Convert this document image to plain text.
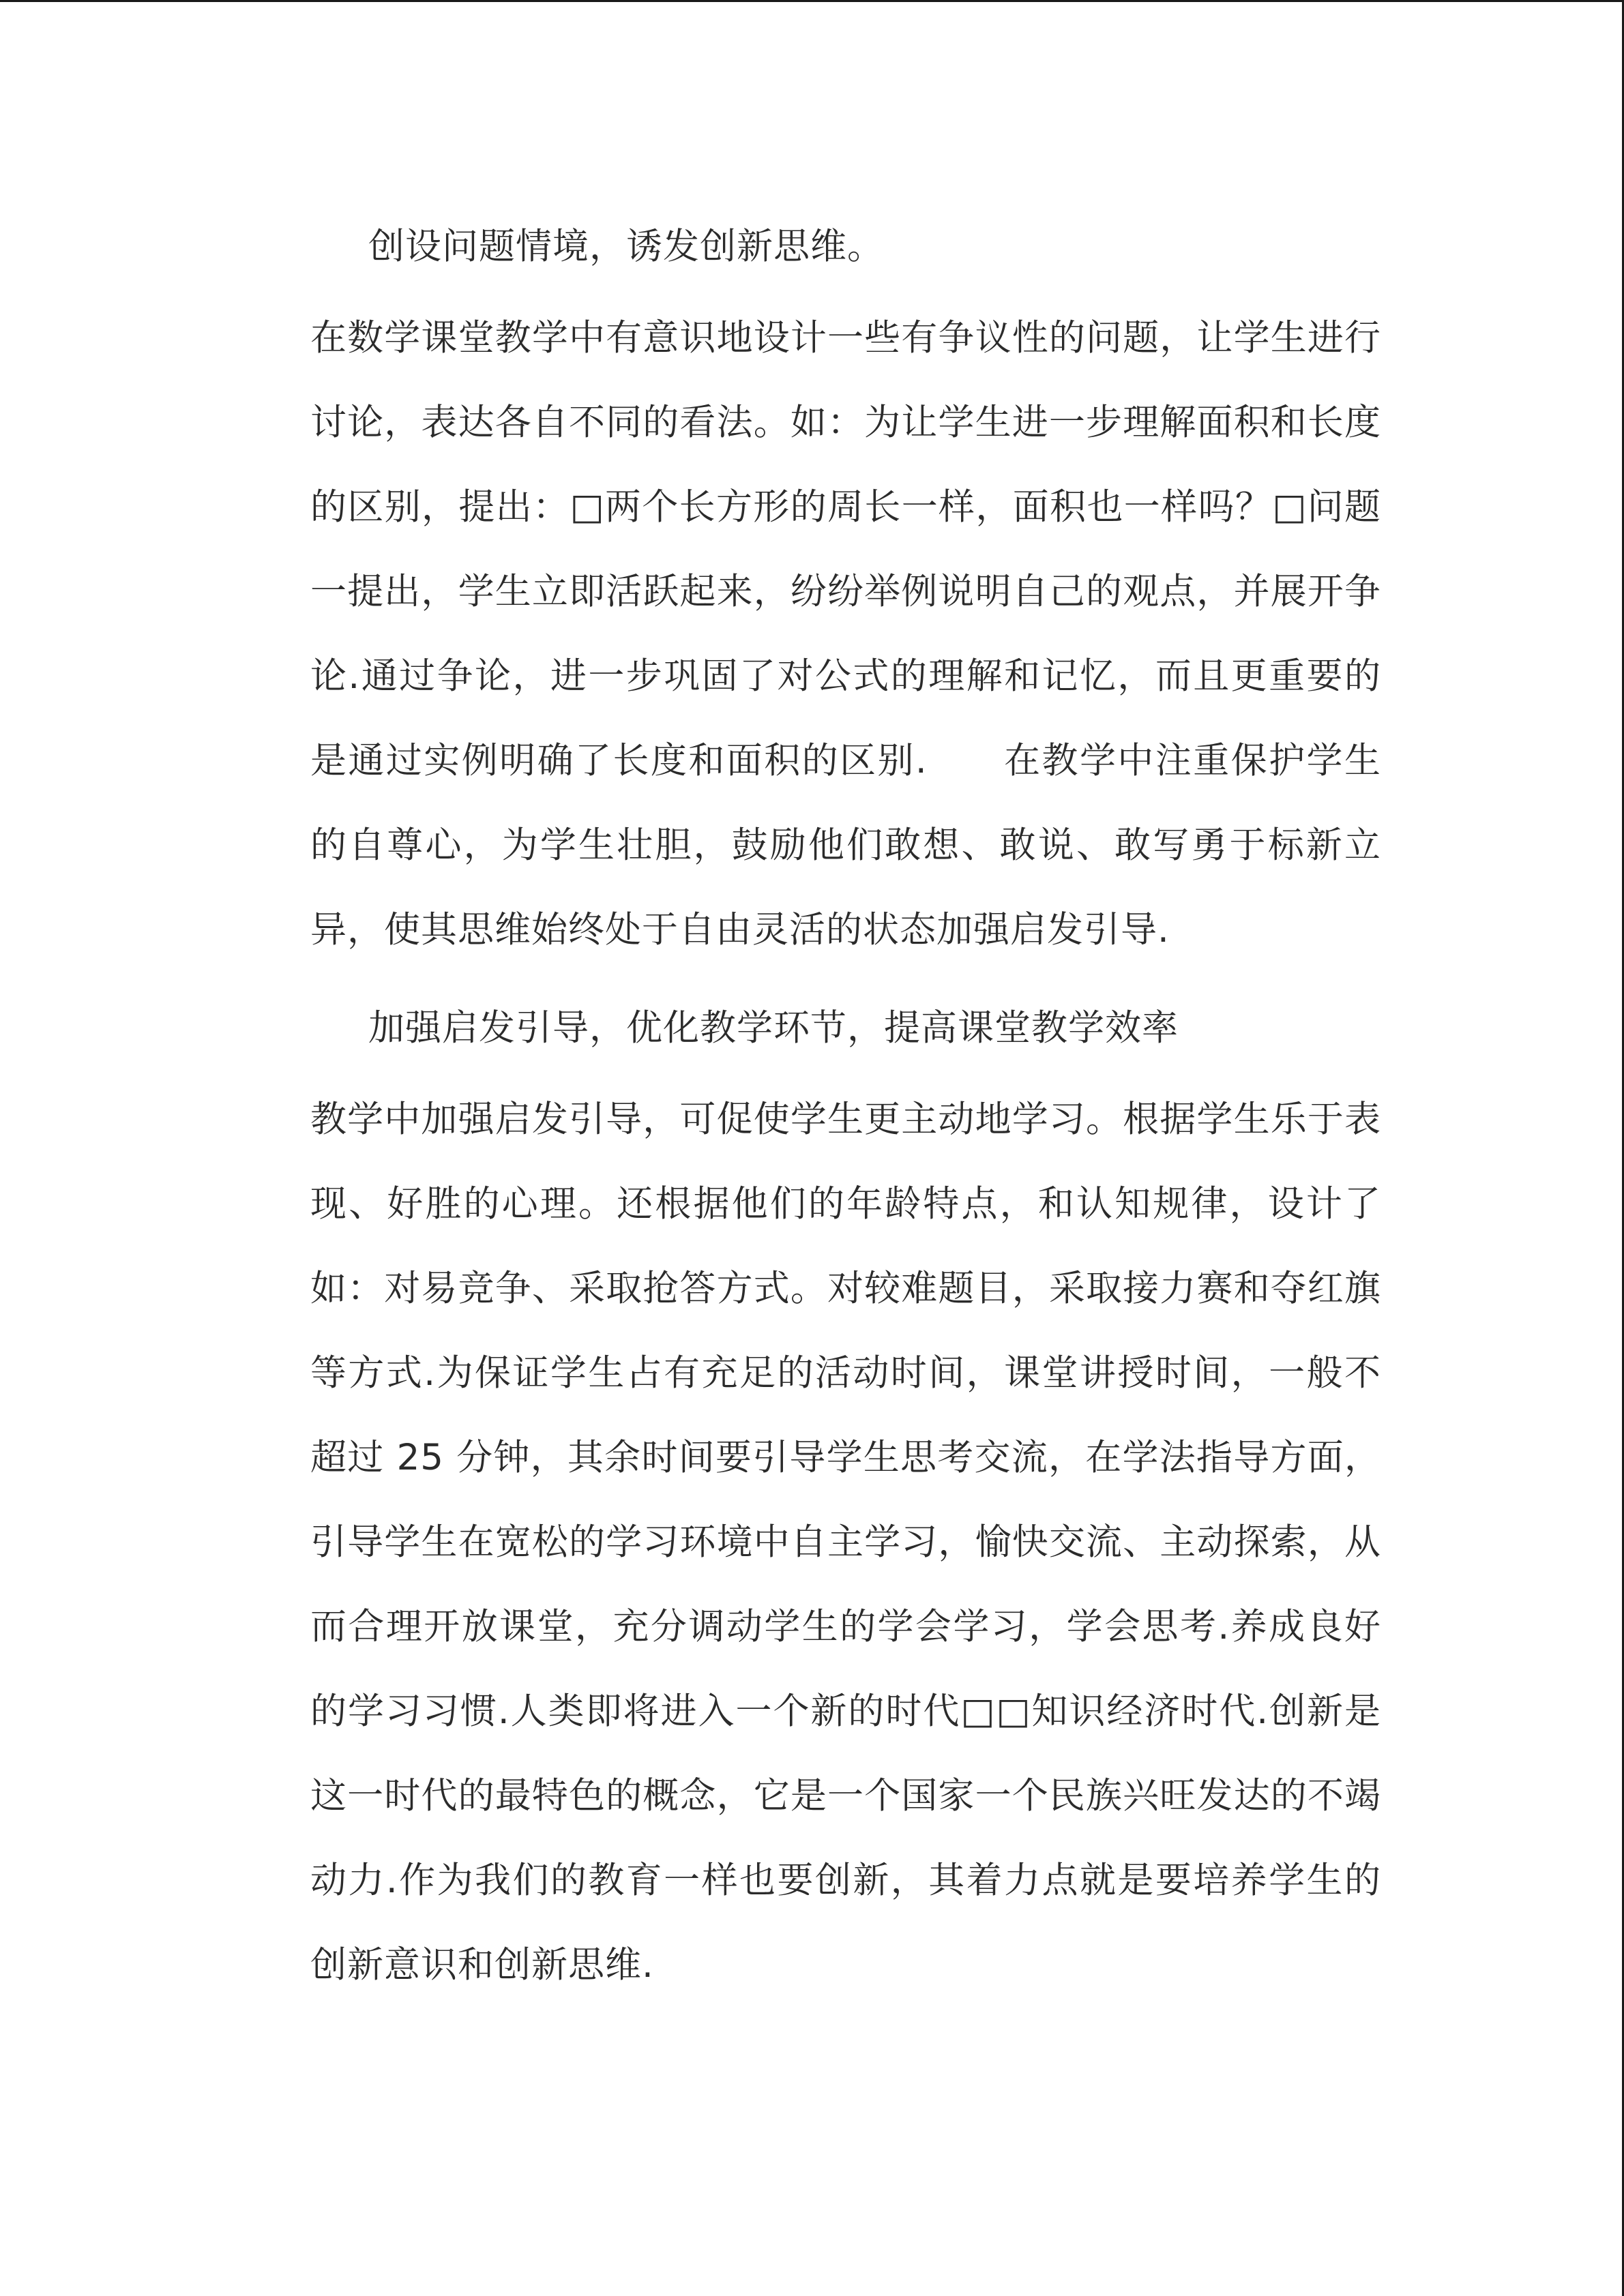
创设问题情境，诱发创新思维。

在数学课堂教学中有意识地设计一些有争议性的问题，让学生进行讨论，表达各自不同的看法。如：为让学生进一步理解面积和长度的区别，提出：□两个长方形的周长一样，面积也一样吗？□问题一提出，学生立即活跃起来，纷纷举例说明自己的观点，并展开争论.通过争论，进一步巩固了对公式的理解和记忆，而且更重要的是通过实例明确了长度和面积的区别.　　在教学中注重保护学生的自尊心，为学生壮胆，鼓励他们敢想、敢说、敢写勇于标新立异，使其思维始终处于自由灵活的状态加强启发引导.

加强启发引导，优化教学环节，提高课堂教学效率

教学中加强启发引导，可促使学生更主动地学习。根据学生乐于表现、好胜的心理。还根据他们的年龄特点，和认知规律，设计了如：对易竞争、采取抢答方式。对较难题目，采取接力赛和夺红旗等方式.为保证学生占有充足的活动时间，课堂讲授时间，一般不超过 25 分钟，其余时间要引导学生思考交流，在学法指导方面，引导学生在宽松的学习环境中自主学习，愉快交流、主动探索，从而合理开放课堂，充分调动学生的学会学习，学会思考.养成良好的学习习惯.人类即将进入一个新的时代□□知识经济时代.创新是这一时代的最特色的概念，它是一个国家一个民族兴旺发达的不竭动力.作为我们的教育一样也要创新，其着力点就是要培养学生的创新意识和创新思维.
